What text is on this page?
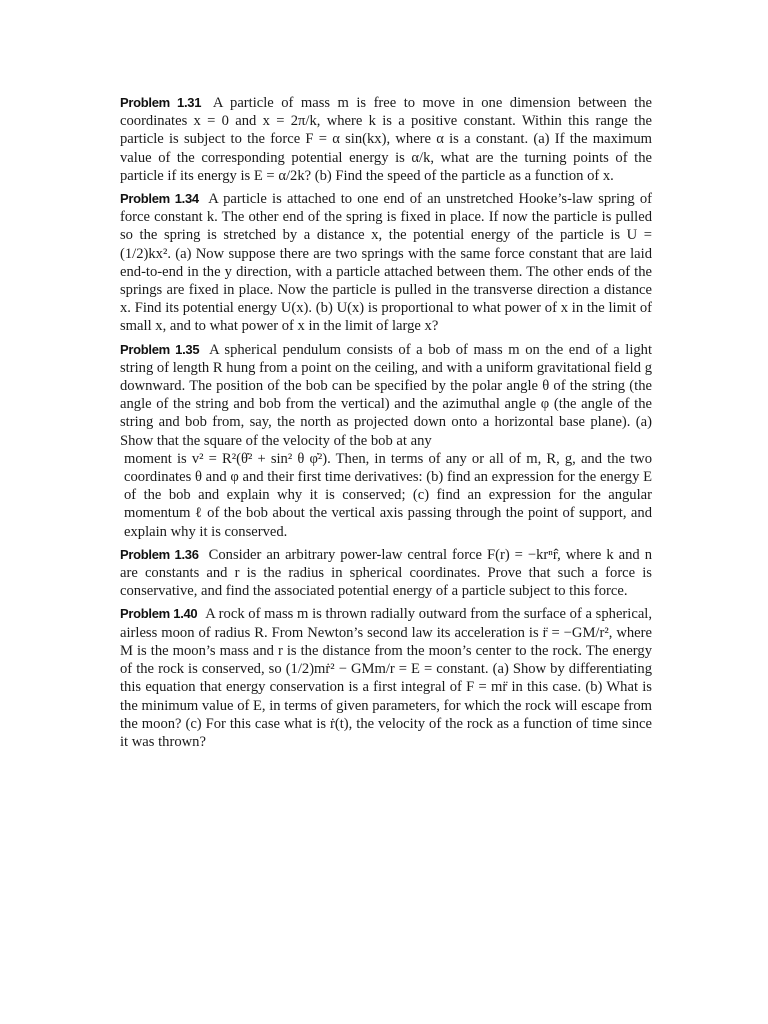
Problem 1.31 A particle of mass m is free to move in one dimension between the coordinates x = 0 and x = 2π/k, where k is a positive constant. Within this range the particle is subject to the force F = α sin(kx), where α is a constant. (a) If the maximum value of the corresponding potential energy is α/k, what are the turning points of the particle if its energy is E = α/2k? (b) Find the speed of the particle as a function of x.

Problem 1.34 A particle is attached to one end of an unstretched Hooke’s-law spring of force constant k. The other end of the spring is fixed in place. If now the particle is pulled so the spring is stretched by a distance x, the potential energy of the particle is U = (1/2)kx². (a) Now suppose there are two springs with the same force constant that are laid end-to-end in the y direction, with a particle attached between them. The other ends of the springs are fixed in place. Now the particle is pulled in the transverse direction a distance x. Find its potential energy U(x). (b) U(x) is proportional to what power of x in the limit of small x, and to what power of x in the limit of large x?

Problem 1.35 A spherical pendulum consists of a bob of mass m on the end of a light string of length R hung from a point on the ceiling, and with a uniform gravitational field g downward. The position of the bob can be specified by the polar angle θ of the string (the angle of the string and bob from the vertical) and the azimuthal angle φ (the angle of the string and bob from, say, the north as projected down onto a horizontal base plane). (a) Show that the square of the velocity of the bob at any

moment is v² = R²(θ̇² + sin² θ φ̇²). Then, in terms of any or all of m, R, g, and the two coordinates θ and φ and their first time derivatives: (b) find an expression for the energy E of the bob and explain why it is conserved; (c) find an expression for the angular momentum ℓ of the bob about the vertical axis passing through the point of support, and explain why it is conserved.

Problem 1.36 Consider an arbitrary power-law central force F(r) = −krⁿr̂, where k and n are constants and r is the radius in spherical coordinates. Prove that such a force is conservative, and find the associated potential energy of a particle subject to this force.

Problem 1.40 A rock of mass m is thrown radially outward from the surface of a spherical, airless moon of radius R. From Newton’s second law its acceleration is r̈ = −GM/r², where M is the moon’s mass and r is the distance from the moon’s center to the rock. The energy of the rock is conserved, so (1/2)mṙ² − GMm/r = E = constant. (a) Show by differentiating this equation that energy conservation is a first integral of F = mr̈ in this case. (b) What is the minimum value of E, in terms of given parameters, for which the rock will escape from the moon? (c) For this case what is ṙ(t), the velocity of the rock as a function of time since it was thrown?
